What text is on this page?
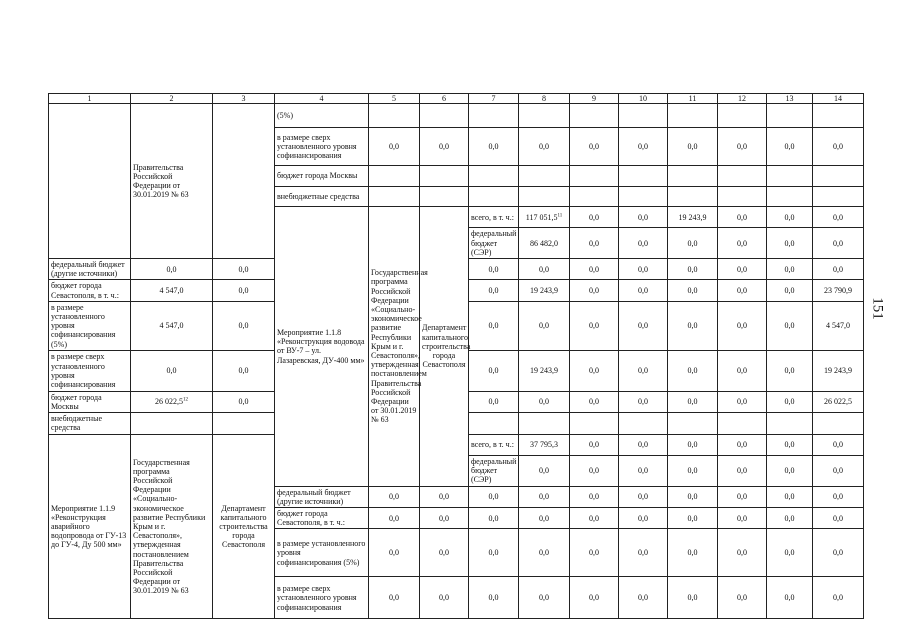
1	2	3	4	5	6	7	8	9	10	11	12	13	14	
	Правительства Российской Федерации от 30.01.2019 № 63		(5%)											
			в размере сверх установленного уровня софинансирования	0,0	0,0	0,0	0,0	0,0	0,0	0,0	0,0	0,0	0,0	
			бюджет города Москвы											
			внебюджетные средства											
			Мероприятие 1.1.8 «Реконструкция водовода от ВУ-7 – ул. Лазаревская, ДУ-400 мм»	Государственная программа Российской Федерации «Социально-экономическое развитие Республики Крым и г. Севастополя», утвержденная постановлением Правительства Российской Федерации от 30.01.2019 № 63	Департамент капитального строительства города Севастополя	всего, в т. ч.:	117 051,5$^{11}$	0,0	0,0	19 243,9	0,0	0,0	0,0			
						федеральный бюджет (СЭР)	86 482,0	0,0	0,0	0,0	0,0	0,0	0,0			
федеральный бюджет (другие источники)	0,0	0,0				0,0	0,0	0,0	0,0	0,0	0,0	0,0	0,0	
бюджет города Севастополя, в т. ч.:	4 547,0	0,0				0,0	19 243,9	0,0	0,0	0,0	0,0	0,0	23 790,9	
в размере установленного уровня софинансирования (5%)	4 547,0	0,0				0,0	0,0	0,0	0,0	0,0	0,0	0,0	4 547,0	
в размере сверх установленного уровня софинансирования	0,0	0,0				0,0	19 243,9	0,0	0,0	0,0	0,0	0,0	19 243,9	
бюджет города Москвы	26 022,5$^{12}$	0,0				0,0	0,0	0,0	0,0	0,0	0,0	0,0	26 022,5	
внебюджетные средства														
Мероприятие 1.1.9 «Реконструкция аварийного водопровода от ГУ-13 до ГУ-4, Ду 500 мм»	Государственная программа Российской Федерации «Социально-экономическое развитие Республики Крым и г. Севастополя», утвержденная постановлением Правительства Российской Федерации от 30.01.2019 № 63	Департамент капитального строительства города Севастополя				всего, в т. ч.:	37 795,3	0,0	0,0	0,0	0,0	0,0	0,0			
						федеральный бюджет (СЭР)	0,0	0,0	0,0	0,0	0,0	0,0	0,0			
			федеральный бюджет (другие источники)	0,0	0,0	0,0	0,0	0,0	0,0	0,0	0,0	0,0	0,0	
			бюджет города Севастополя, в т. ч.:	0,0	0,0	0,0	0,0	0,0	0,0	0,0	0,0	0,0	0,0	
			в размере установленного уровня софинансирования (5%)	0,0	0,0	0,0	0,0	0,0	0,0	0,0	0,0	0,0	0,0	
			в размере сверх установленного уровня софинансирования	0,0	0,0	0,0	0,0	0,0	0,0	0,0	0,0	0,0	0,0	
151
